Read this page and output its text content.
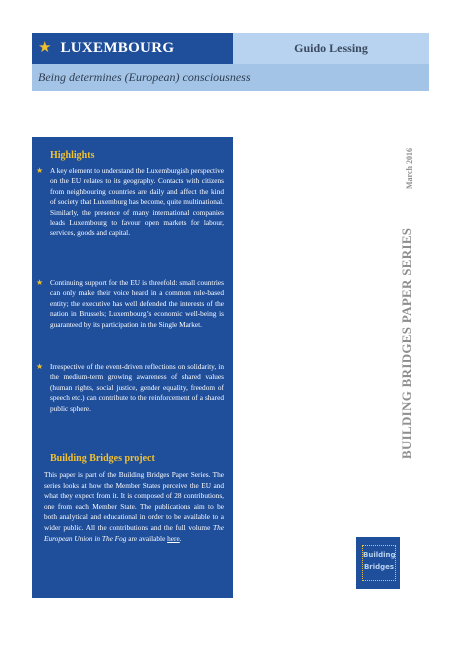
★ LUXEMBOURG	Guido Lessing
Being determines (European) consciousness
Highlights
★ A key element to understand the Luxemburgish perspective on the EU relates to its geography. Contacts with citizens from neighbouring countries are daily and affect the kind of society that Luxemburg has become, quite multinational. Similarly, the presence of many international companies leads Luxembourg to favour open markets for labour, services, goods and capital.
★ Continuing support for the EU is threefold: small countries can only make their voice heard in a common rule-based entity; the executive has well defended the interests of the nation in Brussels; Luxembourg’s economic well-being is guaranteed by its participation in the Single Market.
★ Irrespective of the event-driven reflections on solidarity, in the medium-term growing awareness of shared values (human rights, social justice, gender equality, freedom of speech etc.) can contribute to the reinforcement of a shared public sphere.
Building Bridges project
This paper is part of the Building Bridges Paper Series. The series looks at how the Member States perceive the EU and what they expect from it. It is composed of 28 contributions, one from each Member State. The publications aim to be both analytical and educational in order to be available to a wider public. All the contributions and the full volume The European Union in The Fog are available here.
BUILDING BRIDGES PAPER SERIES
March 2016
Building
Bridges
